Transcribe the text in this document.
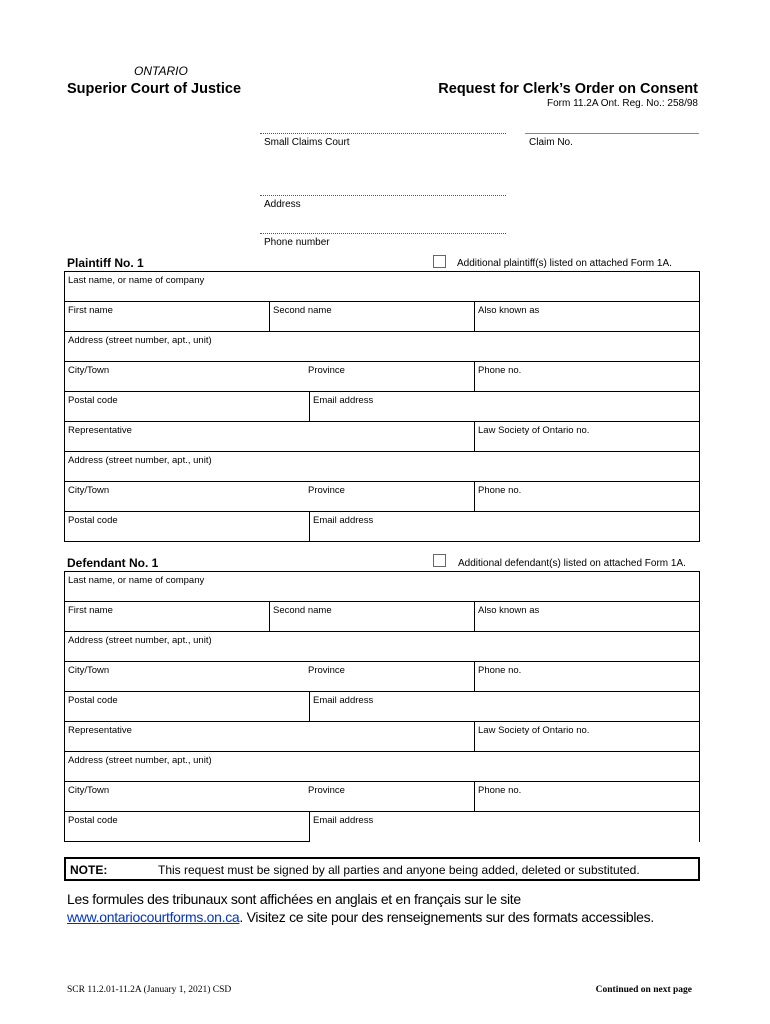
ONTARIO
Superior Court of Justice	Request for Clerk’s Order on Consent
Form 11.2A Ont. Reg. No.: 258/98
Small Claims Court	Claim No.
Address
Phone number
Plaintiff No. 1	Additional plaintiff(s) listed on attached Form 1A.
Last name, or name of company
First name	Second name	Also known as
Address (street number, apt., unit)
City/Town	Province	Phone no.
Postal code	Email address
Representative	Law Society of Ontario no.
Address (street number, apt., unit)
City/Town	Province	Phone no.
Postal code	Email address
Defendant No. 1	Additional defendant(s) listed on attached Form 1A.
Last name, or name of company
First name	Second name	Also known as
Address (street number, apt., unit)
City/Town	Province	Phone no.
Postal code	Email address
Representative	Law Society of Ontario no.
Address (street number, apt., unit)
City/Town	Province	Phone no.
Postal code	Email address
NOTE:	This request must be signed by all parties and anyone being added, deleted or substituted.
Les formules des tribunaux sont affichées en anglais et en français sur le site
www.ontariocourtforms.on.ca. Visitez ce site pour des renseignements sur des formats accessibles.
SCR 11.2.01-11.2A (January 1, 2021) CSD	Continued on next page
